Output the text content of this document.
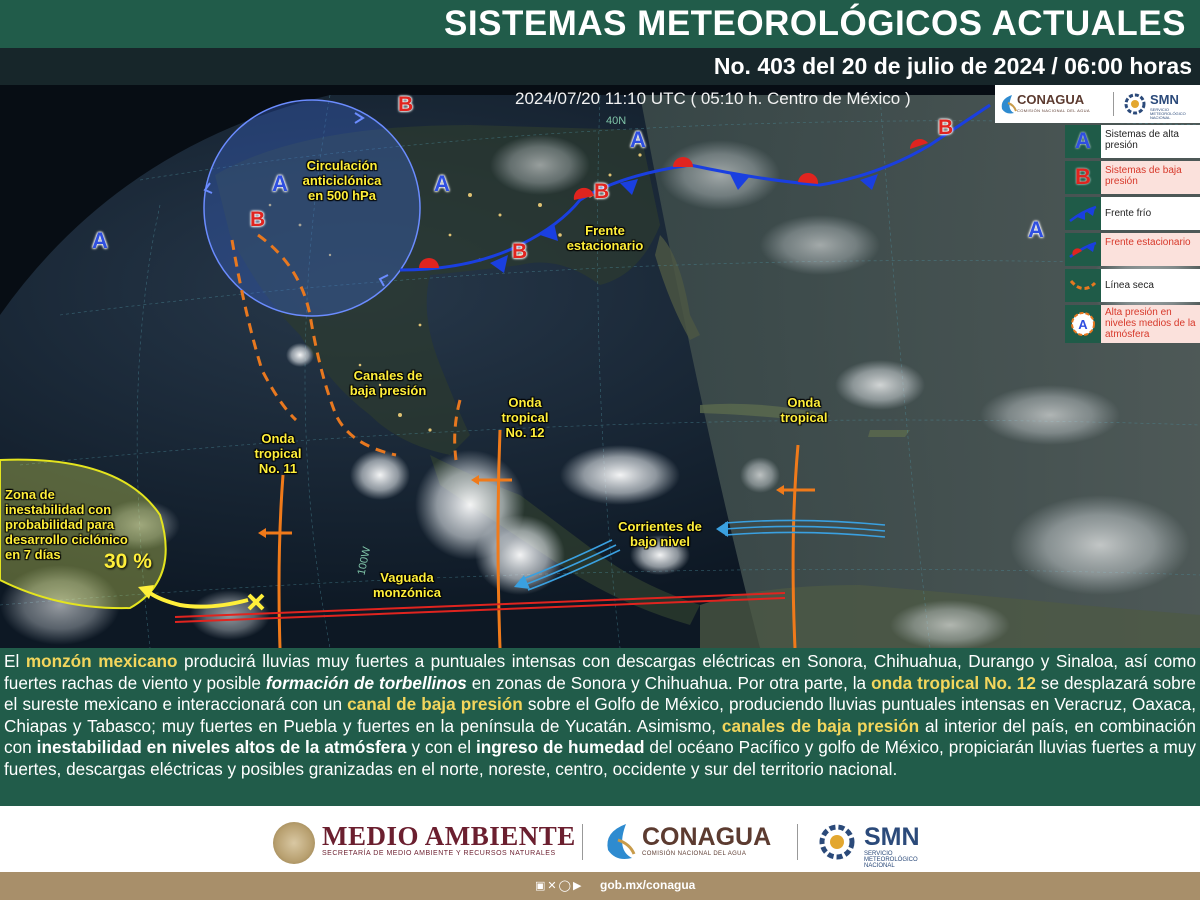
SISTEMAS METEOROLÓGICOS ACTUALES
No. 403 del 20 de julio de 2024 / 06:00 horas
2024/07/20 11:10 UTC ( 05:10 h. Centro de México )
40N
100W
A
A	A
A
A
B
B
B
B
B
Circulación anticiclónica en 500 hPa
Frente estacionario
Canales de baja presión
Onda tropical No. 12
Onda tropical No. 11
Onda tropical
Corrientes de bajo nivel
Vaguada monzónica
Zona de inestabilidad con probabilidad para desarrollo ciclónico en 7 días	30 %
CONAGUA
COMISIÓN NACIONAL DEL AGUA
SMN
SERVICIO METEOROLÓGICO NACIONAL
A	Sistemas de alta presión
B	Sistemas de baja presión
Frente frío
Frente estacionario
Línea seca
A
Alta presión en niveles medios de la atmósfera

El monzón mexicano producirá lluvias muy fuertes a puntuales intensas con descargas eléctricas en Sonora, Chihuahua, Durango y Sinaloa, así como fuertes rachas de viento y posible formación de torbellinos en zonas de Sonora y Chihuahua. Por otra parte, la onda tropical No. 12 se desplazará sobre el sureste mexicano e interaccionará con un canal de baja presión sobre el Golfo de México, produciendo lluvias puntuales intensas en Veracruz, Oaxaca, Chiapas y Tabasco; muy fuertes en Puebla y fuertes en la península de Yucatán. Asimismo, canales de baja presión al interior del país, en combinación con inestabilidad en niveles altos de la atmósfera y con el ingreso de humedad del océano Pacífico y golfo de México, propiciarán lluvias fuertes a muy fuertes, descargas eléctricas y posibles granizadas en el norte, noreste, centro, occidente y sur del territorio nacional.

MEDIO AMBIENTE
SECRETARÍA DE MEDIO AMBIENTE Y RECURSOS NATURALES
CONAGUA
COMISIÓN NACIONAL DEL AGUA
SMN
SERVICIO
METEOROLÓGICO
NACIONAL
▣✕◯▶ gob.mx/conagua
